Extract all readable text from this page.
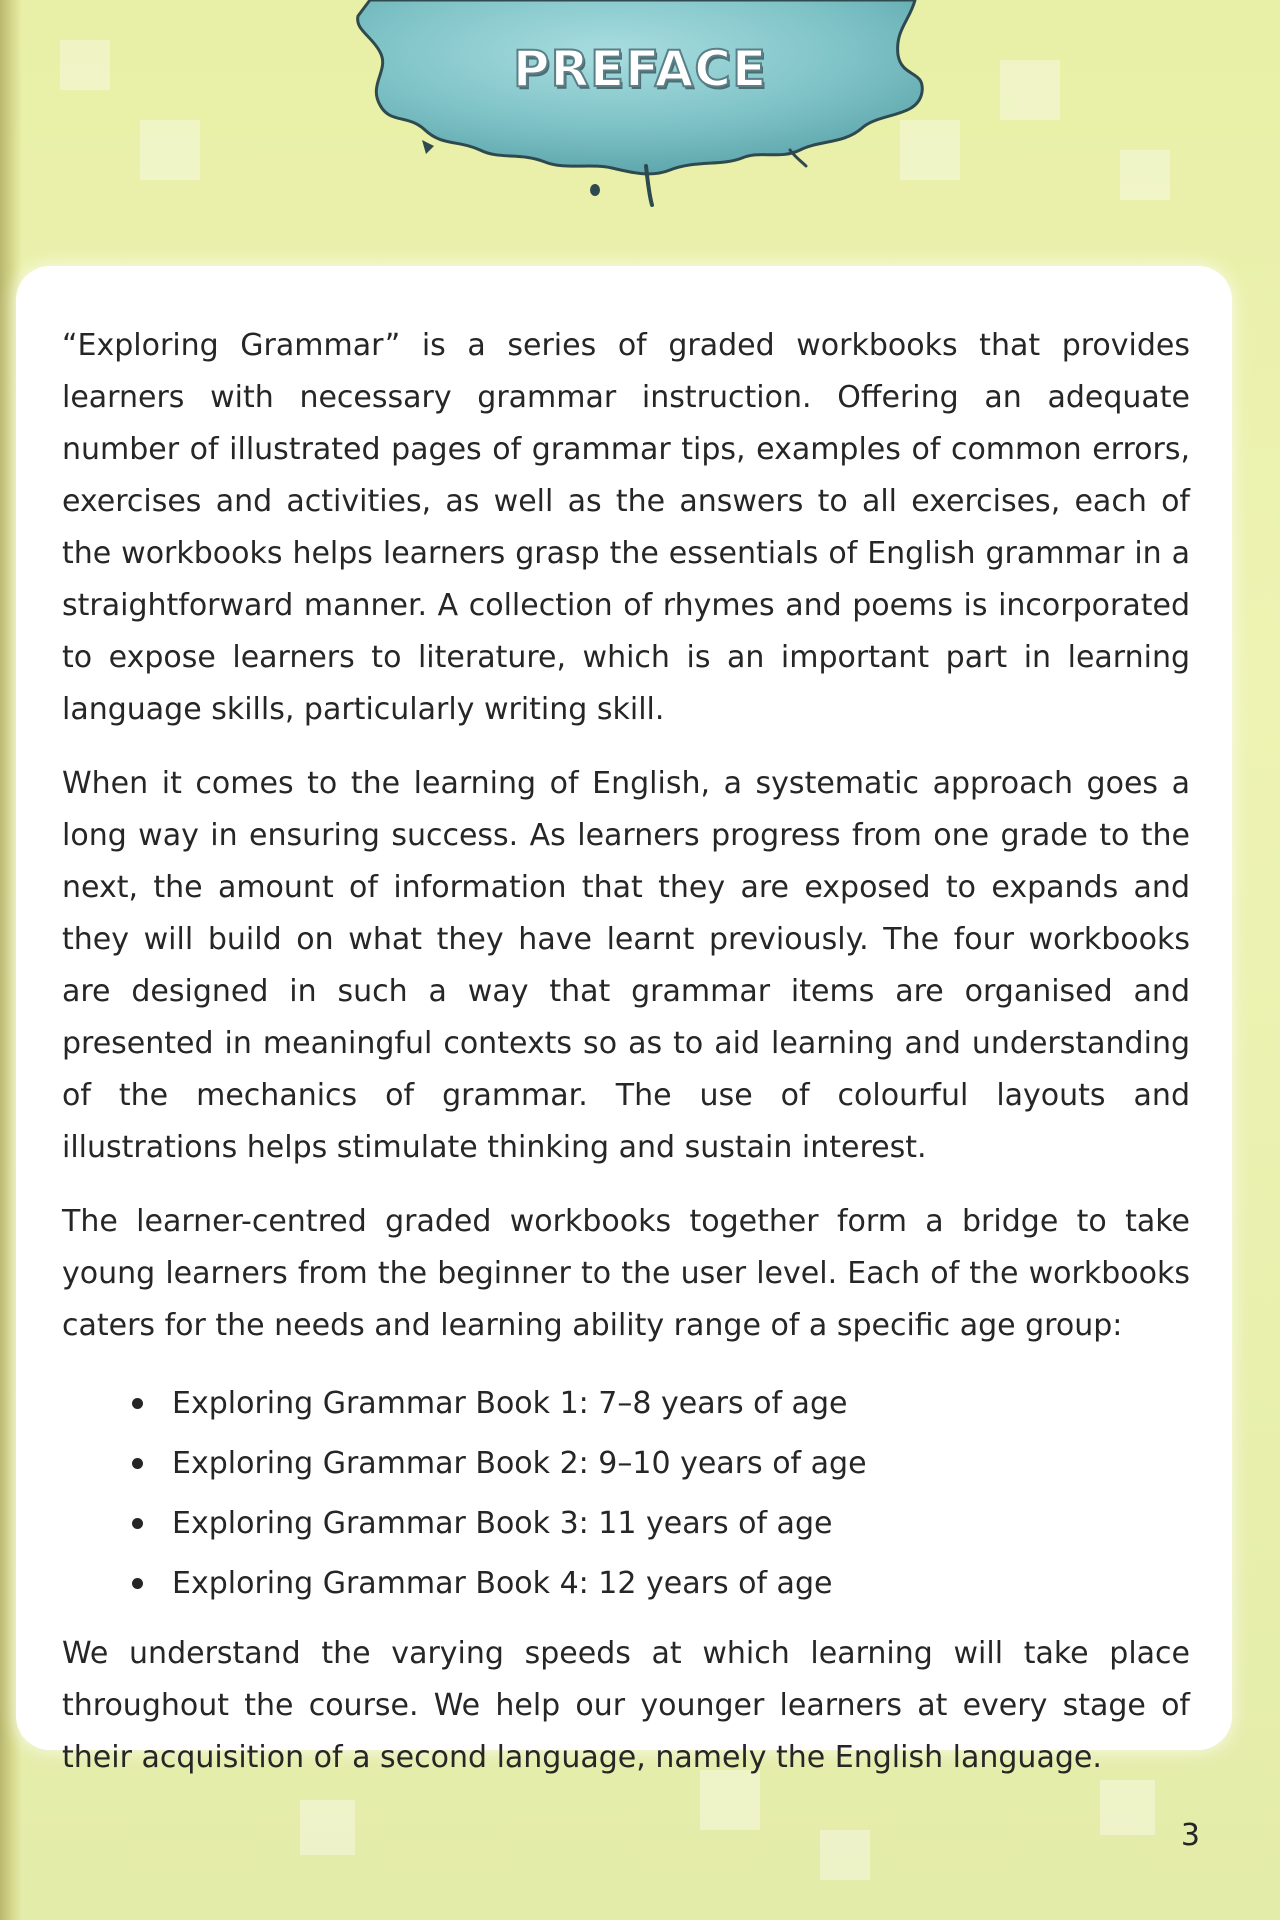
PREFACE

“Exploring Grammar” is a series of graded workbooks that provides learners with necessary grammar instruction. Offering an adequate number of illustrated pages of grammar tips, examples of common errors, exercises and activities, as well as the answers to all exercises, each of the workbooks helps learners grasp the essentials of English grammar in a straightforward manner. A collection of rhymes and poems is incorporated to expose learners to literature, which is an important part in learning language skills, particularly writing skill.

When it comes to the learning of English, a systematic approach goes a long way in ensuring success. As learners progress from one grade to the next, the amount of information that they are exposed to expands and they will build on what they have learnt previously. The four workbooks are designed in such a way that grammar items are organised and presented in meaningful contexts so as to aid learning and understanding of the mechanics of grammar. The use of colourful layouts and illustrations helps stimulate thinking and sustain interest.

The learner-centred graded workbooks together form a bridge to take young learners from the beginner to the user level. Each of the workbooks caters for the needs and learning ability range of a specific age group:

Exploring Grammar Book 1: 7–8 years of age
Exploring Grammar Book 2: 9–10 years of age
Exploring Grammar Book 3: 11 years of age
Exploring Grammar Book 4: 12 years of age

We understand the varying speeds at which learning will take place throughout the course. We help our younger learners at every stage of their acquisition of a second language, namely the English language.

3
